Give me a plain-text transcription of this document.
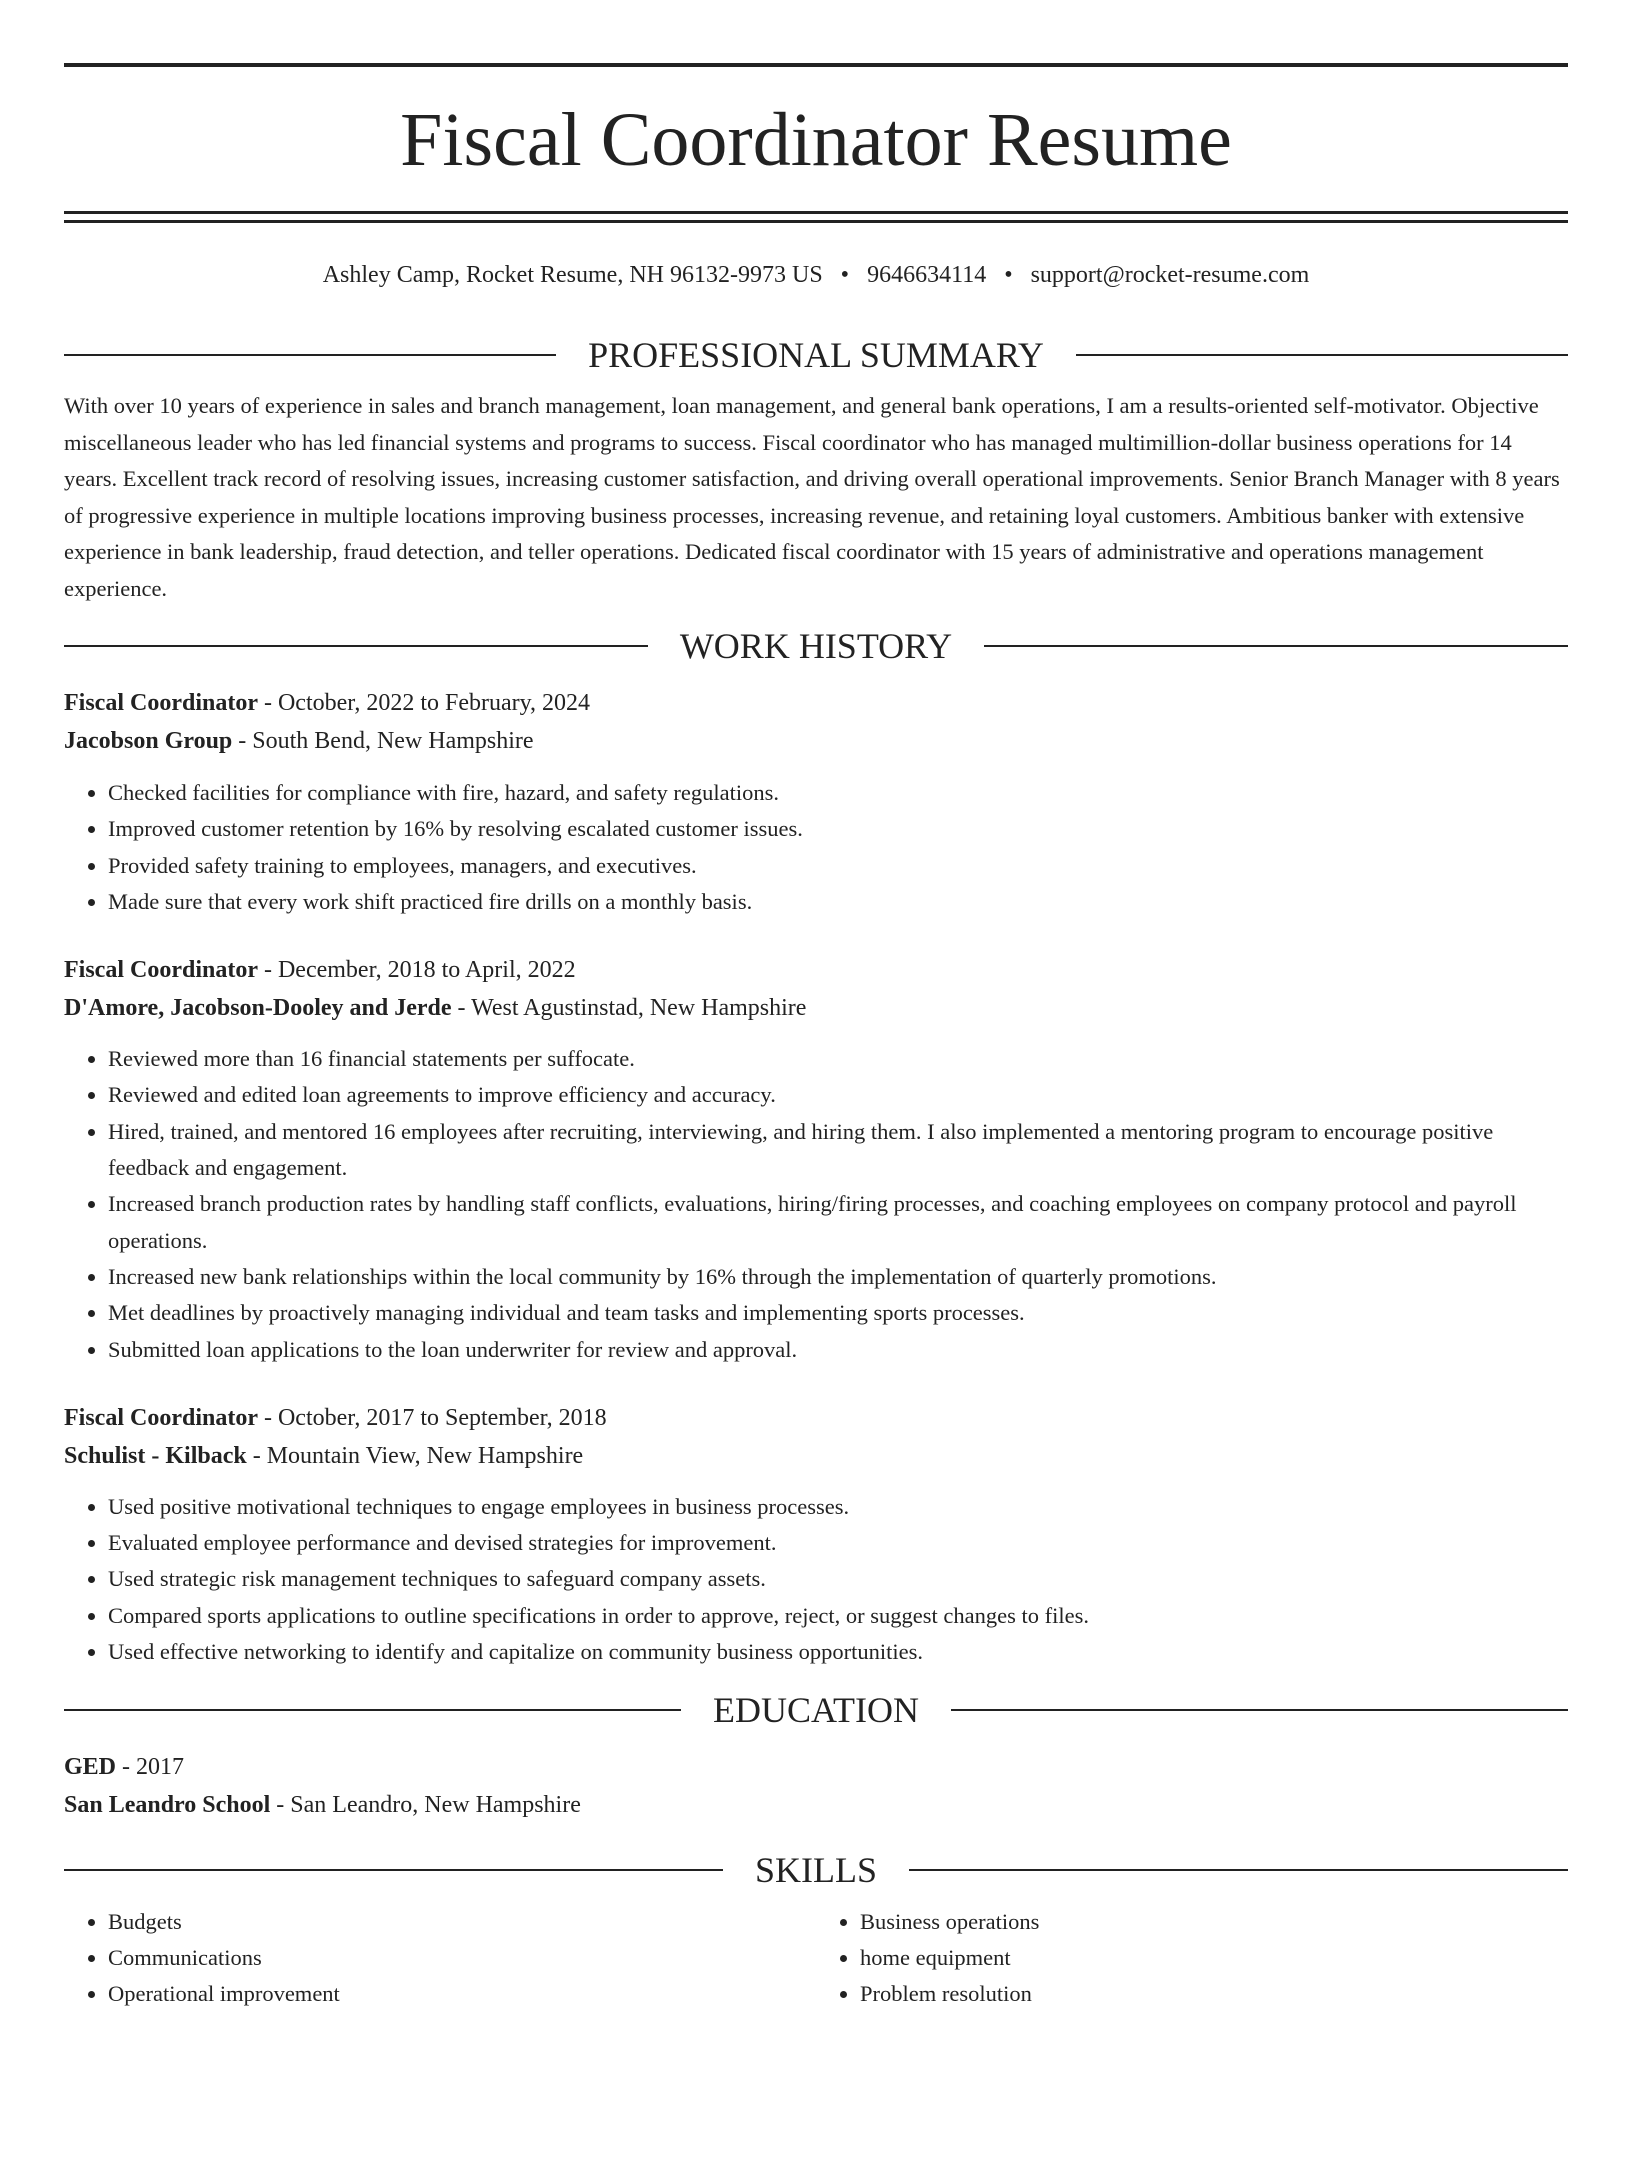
Fiscal Coordinator Resume
Ashley Camp, Rocket Resume, NH 96132-9973 US • 9646634114 • support@rocket-resume.com
PROFESSIONAL SUMMARY

With over 10 years of experience in sales and branch management, loan management, and general bank operations, I am a results-oriented self-motivator. Objective miscellaneous leader who has led financial systems and programs to success. Fiscal coordinator who has managed multimillion-dollar business operations for 14 years. Excellent track record of resolving issues, increasing customer satisfaction, and driving overall operational improvements. Senior Branch Manager with 8 years of progressive experience in multiple locations improving business processes, increasing revenue, and retaining loyal customers. Ambitious banker with extensive experience in bank leadership, fraud detection, and teller operations. Dedicated fiscal coordinator with 15 years of administrative and operations management experience.

WORK HISTORY
Fiscal Coordinator - October, 2022 to February, 2024
Jacobson Group - South Bend, New Hampshire
• Checked facilities for compliance with fire, hazard, and safety regulations.
• Improved customer retention by 16% by resolving escalated customer issues.
• Provided safety training to employees, managers, and executives.
• Made sure that every work shift practiced fire drills on a monthly basis.
Fiscal Coordinator - December, 2018 to April, 2022
D'Amore, Jacobson-Dooley and Jerde - West Agustinstad, New Hampshire
• Reviewed more than 16 financial statements per suffocate.
• Reviewed and edited loan agreements to improve efficiency and accuracy.
• Hired, trained, and mentored 16 employees after recruiting, interviewing, and hiring them. I also implemented a mentoring program to encourage positive feedback and engagement.
• Increased branch production rates by handling staff conflicts, evaluations, hiring/firing processes, and coaching employees on company protocol and payroll operations.
• Increased new bank relationships within the local community by 16% through the implementation of quarterly promotions.
• Met deadlines by proactively managing individual and team tasks and implementing sports processes.
• Submitted loan applications to the loan underwriter for review and approval.
Fiscal Coordinator - October, 2017 to September, 2018
Schulist - Kilback - Mountain View, New Hampshire
• Used positive motivational techniques to engage employees in business processes.
• Evaluated employee performance and devised strategies for improvement.
• Used strategic risk management techniques to safeguard company assets.
• Compared sports applications to outline specifications in order to approve, reject, or suggest changes to files.
• Used effective networking to identify and capitalize on community business opportunities.
EDUCATION
GED - 2017
San Leandro School - San Leandro, New Hampshire
SKILLS
• Budgets
• Communications
• Operational improvement
• Business operations
• home equipment
• Problem resolution
